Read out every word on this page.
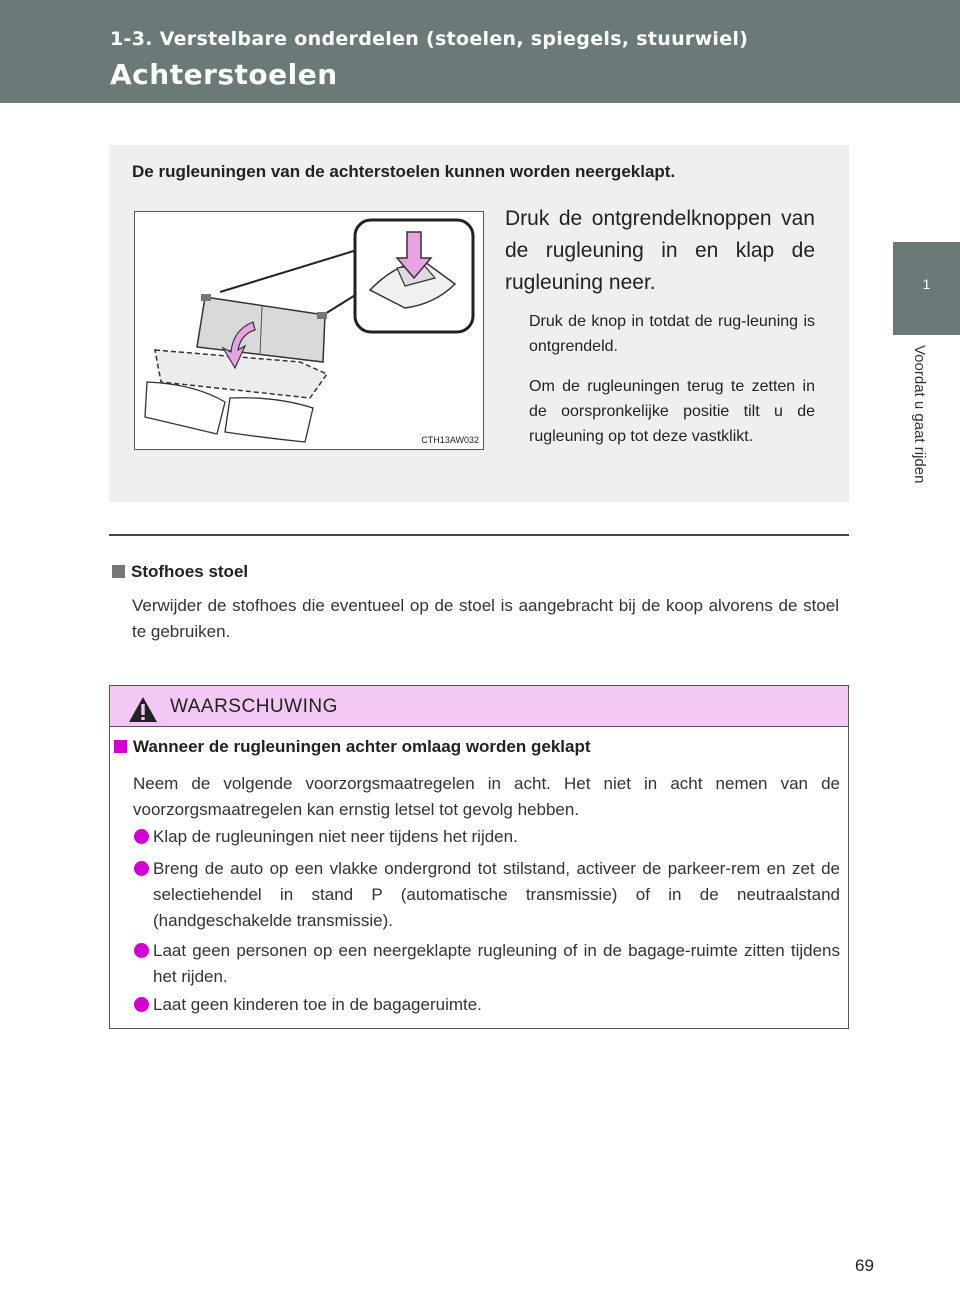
1-3. Verstelbare onderdelen (stoelen, spiegels, stuurwiel)
Achterstoelen
1
Voordat u gaat rijden
De rugleuningen van de achterstoelen kunnen worden neergeklapt.
CTH13AW032
Druk de ontgrendelknoppen van de rugleuning in en klap de rugleuning neer.
Druk de knop in totdat de rug-leuning is ontgrendeld.
Om de rugleuningen terug te zetten in de oorspronkelijke positie tilt u de rugleuning op tot deze vastklikt.
Stofhoes stoel
Verwijder de stofhoes die eventueel op de stoel is aangebracht bij de koop alvorens de stoel te gebruiken.
WAARSCHUWING
Wanneer de rugleuningen achter omlaag worden geklapt
Neem de volgende voorzorgsmaatregelen in acht. Het niet in acht nemen van de voorzorgsmaatregelen kan ernstig letsel tot gevolg hebben.
Klap de rugleuningen niet neer tijdens het rijden.
Breng de auto op een vlakke ondergrond tot stilstand, activeer de parkeer-rem en zet de selectiehendel in stand P (automatische transmissie) of in de neutraalstand (handgeschakelde transmissie).
Laat geen personen op een neergeklapte rugleuning of in de bagage-ruimte zitten tijdens het rijden.
Laat geen kinderen toe in de bagageruimte.
69
